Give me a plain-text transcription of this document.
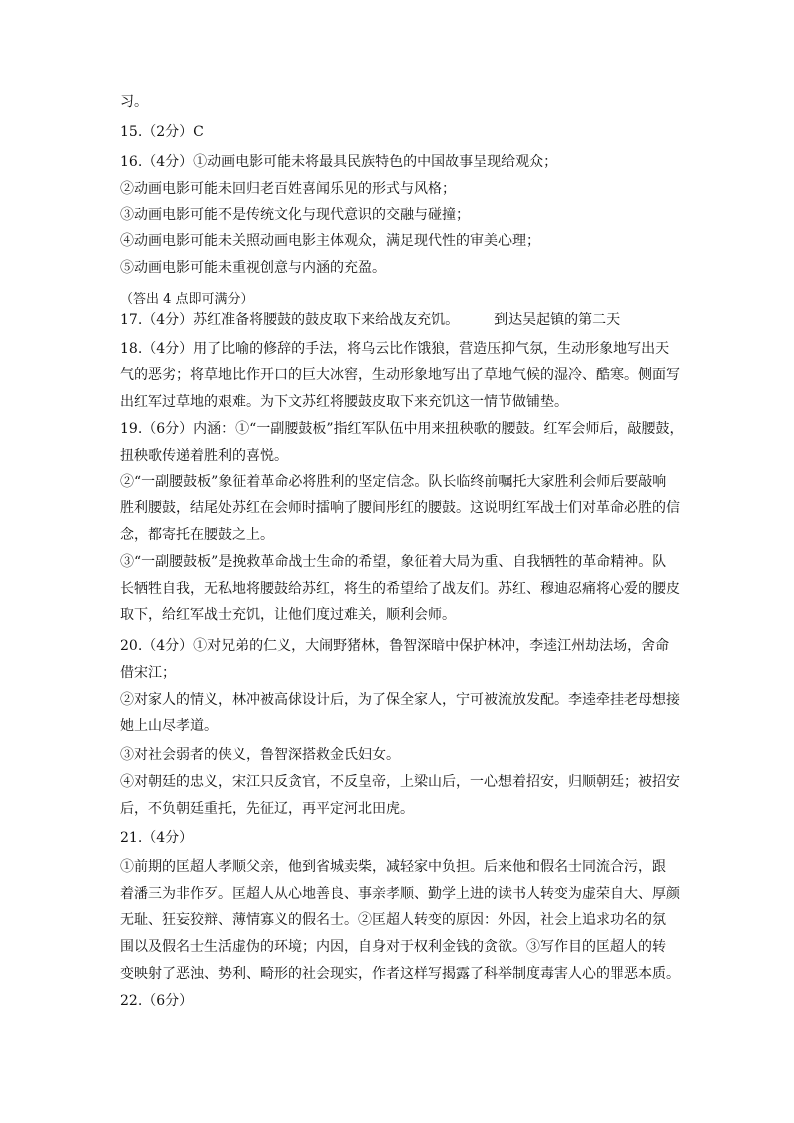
习。
15.（2分）C
16.（4分）①动画电影可能未将最具民族特色的中国故事呈现给观众；
②动画电影可能未回归老百姓喜闻乐见的形式与风格；
③动画电影可能不是传统文化与现代意识的交融与碰撞；
④动画电影可能未关照动画电影主体观众，满足现代性的审美心理；
⑤动画电影可能未重视创意与内涵的充盈。
（答出 4 点即可满分）
17.（4分）苏红准备将腰鼓的鼓皮取下来给战友充饥。　　　到达吴起镇的第二天
18.（4分）用了比喻的修辞的手法，将乌云比作饿狼，营造压抑气氛，生动形象地写出天
气的恶劣；将草地比作开口的巨大冰窖，生动形象地写出了草地气候的湿冷、酷寒。侧面写
出红军过草地的艰难。为下文苏红将腰鼓皮取下来充饥这一情节做铺垫。
19.（6分）内涵：①“一副腰鼓板”指红军队伍中用来扭秧歌的腰鼓。红军会师后，敲腰鼓，
扭秧歌传递着胜利的喜悦。
②“一副腰鼓板”象征着革命必将胜利的坚定信念。队长临终前嘱托大家胜利会师后要敲响
胜利腰鼓，结尾处苏红在会师时擂响了腰间彤红的腰鼓。这说明红军战士们对革命必胜的信
念，都寄托在腰鼓之上。
③“一副腰鼓板”是挽救革命战士生命的希望，象征着大局为重、自我牺牲的革命精神。队
长牺牲自我，无私地将腰鼓给苏红，将生的希望给了战友们。苏红、穆迪忍痛将心爱的腰皮
取下，给红军战士充饥，让他们度过难关，顺利会师。
20.（4分）①对兄弟的仁义，大闹野猪林，鲁智深暗中保护林冲，李逵江州劫法场，舍命
借宋江；
②对家人的情义，林冲被高俅设计后，为了保全家人，宁可被流放发配。李逵牵挂老母想接
她上山尽孝道。
③对社会弱者的侠义，鲁智深搭救金氏妇女。
④对朝廷的忠义，宋江只反贪官，不反皇帝，上梁山后，一心想着招安，归顺朝廷；被招安
后，不负朝廷重托，先征辽，再平定河北田虎。
21.（4分）
①前期的匡超人孝顺父亲，他到省城卖柴，减轻家中负担。后来他和假名士同流合污，跟
着潘三为非作歹。匡超人从心地善良、事亲孝顺、勤学上进的读书人转变为虚荣自大、厚颜
无耻、狂妄狡辩、薄情寡义的假名士。②匡超人转变的原因：外因，社会上追求功名的氛
围以及假名士生活虚伪的环境；内因，自身对于权利金钱的贪欲。③写作目的匡超人的转
变映射了恶浊、势利、畸形的社会现实，作者这样写揭露了科举制度毒害人心的罪恶本质。
22.（6分）
